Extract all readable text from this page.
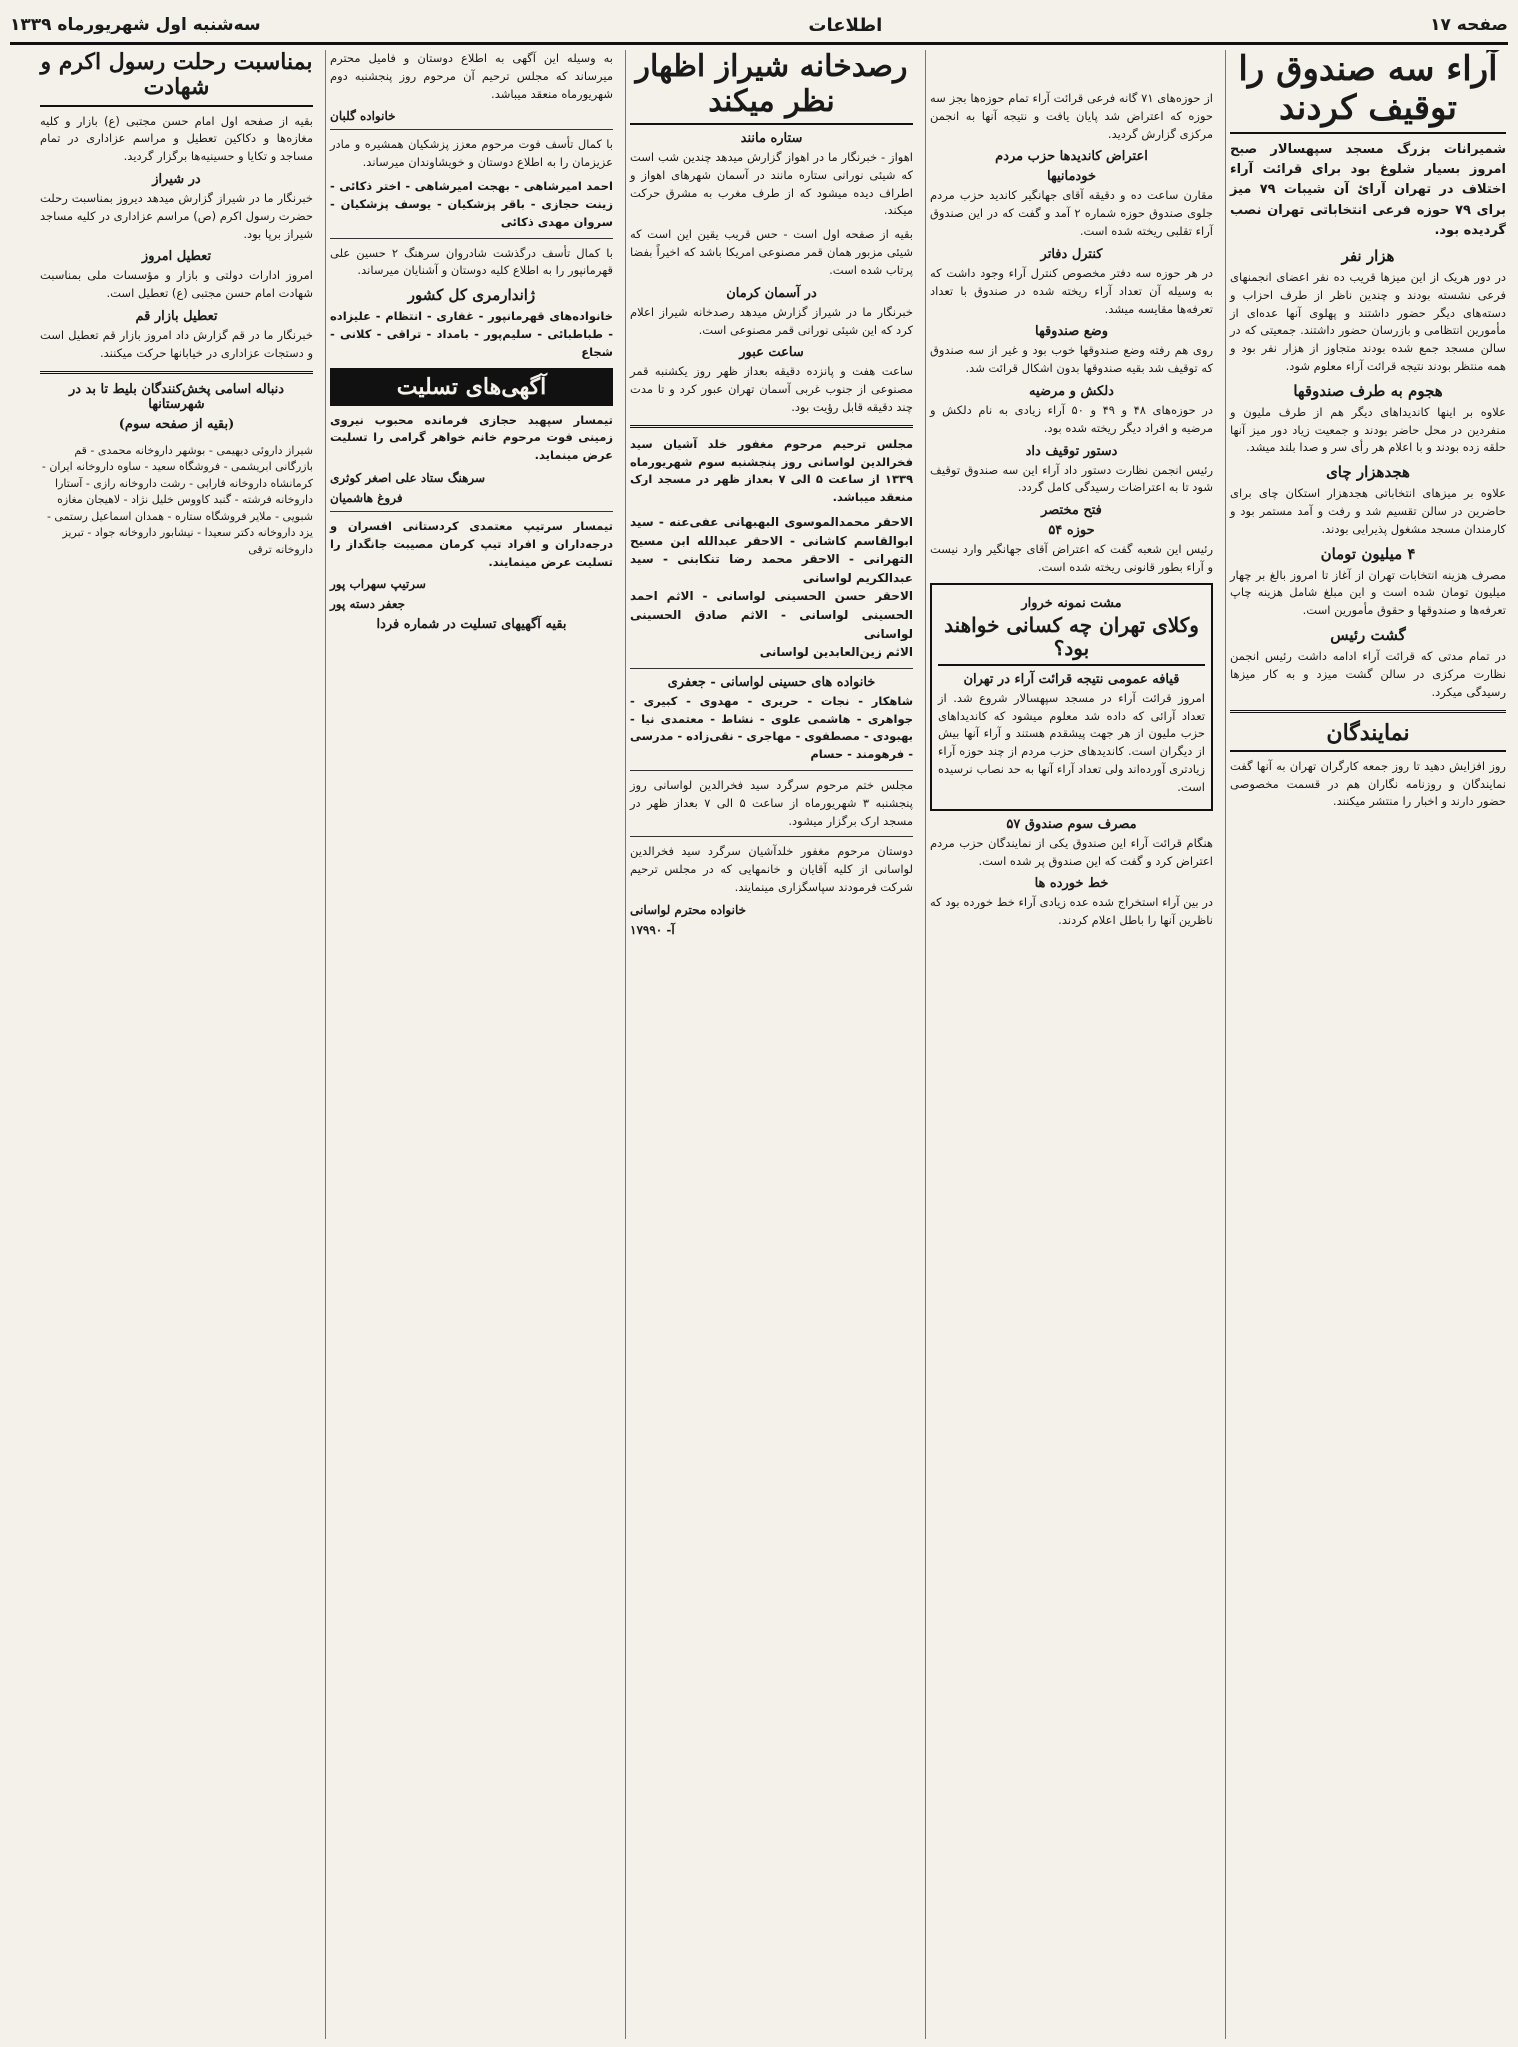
صفحه ۱۷
اطلاعات
سه‌شنبه اول شهریورماه ۱۳۳۹
آراء سه صندوق را توقیف کردند

شمیرانات بزرگ مسجد سپهسالار صبح امروز بسیار شلوغ بود برای قرائت آراء اختلاف در تهران آرائ آن شیبات ۷۹ میز برای ۷۹ حوزه فرعی انتخاباتی تهران نصب گردیده بود.

هزار نفر

در دور هریک از این میزها قریب ده نفر اعضای انجمنهای فرعی نشسته بودند و چندین ناظر از طرف احزاب و دسته‌های دیگر حضور داشتند و پهلوی آنها عده‌ای از مأمورین انتظامی و بازرسان حضور داشتند. جمعیتی که در سالن مسجد جمع شده بودند متجاوز از هزار نفر بود و همه منتظر بودند نتیجه قرائت آراء معلوم شود.

هجوم به طرف صندوقها

علاوه بر اینها کاندیداهای دیگر هم از طرف ملیون و منفردین در محل حاضر بودند و جمعیت زیاد دور میز آنها حلقه زده بودند و با اعلام هر رأی سر و صدا بلند میشد.

هجدهزار چای

علاوه بر میزهای انتخاباتی هجدهزار استکان چای برای حاضرین در سالن تقسیم شد و رفت و آمد مستمر بود و کارمندان مسجد مشغول پذیرایی بودند.

۴ میلیون تومان

مصرف هزینه انتخابات تهران از آغاز تا امروز بالغ بر چهار میلیون تومان شده است و این مبلغ شامل هزینه چاپ تعرفه‌ها و صندوقها و حقوق مأمورین است.

گشت رئیس

در تمام مدتی که قرائت آراء ادامه داشت رئیس انجمن نظارت مرکزی در سالن گشت میزد و به کار میزها رسیدگی میکرد.

نمایندگان

روز افزایش دهید تا روز جمعه کارگران تهران به آنها گفت نمایندگان و روزنامه نگاران هم در قسمت مخصوصی حضور دارند و اخبار را منتشر میکنند.

از حوزه‌های ۷۱ گانه فرعی قرائت آراء تمام حوزه‌ها بجز سه حوزه که اعتراض شد پایان یافت و نتیجه آنها به انجمن مرکزی گزارش گردید.

اعتراض کاندیدها حزب مردم
خودمانیها

مقارن ساعت ده و دقیقه آقای جهانگیر کاندید حزب مردم جلوی صندوق حوزه شماره ۲ آمد و گفت که در این صندوق آراء تقلبی ریخته شده است.

کنترل دفاتر

در هر حوزه سه دفتر مخصوص کنترل آراء وجود داشت که به وسیله آن تعداد آراء ریخته شده در صندوق با تعداد تعرفه‌ها مقایسه میشد.

وضع صندوقها

روی هم رفته وضع صندوقها خوب بود و غیر از سه صندوق که توقیف شد بقیه صندوقها بدون اشکال قرائت شد.

دلکش و مرضیه

در حوزه‌های ۴۸ و ۴۹ و ۵۰ آراء زیادی به نام دلکش و مرضیه و افراد دیگر ریخته شده بود.

دستور توقیف داد

رئیس انجمن نظارت دستور داد آراء این سه صندوق توقیف شود تا به اعتراضات رسیدگی کامل گردد.

فتح مختصر
حوزه ۵۴

رئیس این شعبه گفت که اعتراض آقای جهانگیر وارد نیست و آراء بطور قانونی ریخته شده است.

مشت نمونه خروار
وکلای تهران چه کسانی خواهند بود؟
قیافه عمومی نتیجه قرائت آراء در تهران

امروز قرائت آراء در مسجد سپهسالار شروع شد. از تعداد آرائی که داده شد معلوم میشود که کاندیداهای حزب ملیون از هر جهت پیشقدم هستند و آراء آنها بیش از دیگران است. کاندیدهای حزب مردم از چند حوزه آراء زیادتری آورده‌اند ولی تعداد آراء آنها به حد نصاب نرسیده است.

مصرف سوم صندوق ۵۷

هنگام قرائت آراء این صندوق یکی از نمایندگان حزب مردم اعتراض کرد و گفت که این صندوق پر شده است.

خط خورده ها

در بین آراء استخراج شده عده زیادی آراء خط خورده بود که ناظرین آنها را باطل اعلام کردند.

رصدخانه شیراز اظهار نظر میکند
ستاره مانند

اهواز - خبرنگار ما در اهواز گزارش میدهد چندین شب است که شیئی نورانی ستاره مانند در آسمان شهرهای اهواز و اطراف دیده میشود که از طرف مغرب به مشرق حرکت میکند.

بقیه از صفحه اول است - حس قریب یقین این است که شیئی مزبور همان قمر مصنوعی امریکا باشد که اخیراً بفضا پرتاب شده است.

در آسمان کرمان

خبرنگار ما در شیراز گزارش میدهد رصدخانه شیراز اعلام کرد که این شیئی نورانی قمر مصنوعی است.

ساعت عبور

ساعت هفت و پانزده دقیقه بعداز ظهر روز یکشنبه قمر مصنوعی از جنوب غربی آسمان تهران عبور کرد و تا مدت چند دقیقه قابل رؤیت بود.

مجلس ترحیم مرحوم مغفور خلد آشیان سید فخرالدین لواسانی روز پنجشنبه سوم شهریورماه ۱۳۳۹ از ساعت ۵ الی ۷ بعداز ظهر در مسجد ارک منعقد میباشد.

الاحقر محمدالموسوی البهبهانی عفی‌عنه - سید ابوالقاسم کاشانی - الاحقر عبدالله ابن مسیح التهرانی - الاحقر محمد رضا تنکابنی - سید عبدالکریم لواسانی
الاحقر حسن الحسینی لواسانی - الاثم احمد الحسینی لواسانی - الاثم صادق الحسینی لواسانی
الاثم زین‌العابدین لواسانی
خانواده های حسینی لواسانی - جعفری

شاهکار - نجات - حریری - مهدوی - کبیری - جواهری - هاشمی علوی - نشاط - معتمدی نیا - بهبودی - مصطفوی - مهاجری - نقی‌زاده - مدرسی - فرهومند - حسام

مجلس ختم مرحوم سرگرد سید فخرالدین لواسانی روز پنجشنبه ۳ شهریورماه از ساعت ۵ الی ۷ بعداز ظهر در مسجد ارک برگزار میشود.

دوستان مرحوم مغفور خلدآشیان سرگرد سید فخرالدین لواسانی از کلیه آقایان و خانمهایی که در مجلس ترحیم شرکت فرمودند سپاسگزاری مینمایند.

خانواده محترم لواسانی
آ- ۱۷۹۹۰

به وسیله این آگهی به اطلاع دوستان و فامیل محترم میرساند که مجلس ترحیم آن مرحوم روز پنجشنبه دوم شهریورماه منعقد میباشد.

خانواده گلبان

با کمال تأسف فوت مرحوم معزز پزشکیان همشیره و مادر عزیزمان را به اطلاع دوستان و خویشاوندان میرساند.

احمد امیرشاهی - بهجت امیرشاهی - اختر ذکائی - زینت حجازی - باقر پزشکیان - یوسف پزشکیان - سروان مهدی ذکائی

با کمال تأسف درگذشت شادروان سرهنگ ۲ حسین علی قهرمانپور را به اطلاع کلیه دوستان و آشنایان میرساند.

ژاندارمری کل کشور

خانواده‌های قهرمانپور - غفاری - انتظام - علیزاده - طباطبائی - سلیم‌پور - بامداد - تراقی - کلانی - شجاع

آگهی‌های تسلیت

تیمسار سپهبد حجازی فرمانده محبوب نیروی زمینی فوت مرحوم خانم خواهر گرامی را تسلیت عرض مینماید.

سرهنگ ستاد علی اصغر کوثری
فروغ هاشمیان

تیمسار سرتیپ معتمدی کردستانی افسران و درجه‌داران و افراد تیپ کرمان مصیبت جانگداز را تسلیت عرض مینمایند.

سرتیپ سهراب پور
جعفر دسته پور
بقیه آگهیهای تسلیت در شماره فردا
بمناسبت رحلت رسول اکرم و شهادت

بقیه از صفحه اول امام حسن مجتبی (ع) بازار و کلیه مغازه‌ها و دکاکین تعطیل و مراسم عزاداری در تمام مساجد و تکایا و حسینیه‌ها برگزار گردید.

در شیراز

خبرنگار ما در شیراز گزارش میدهد دیروز بمناسبت رحلت حضرت رسول اکرم (ص) مراسم عزاداری در کلیه مساجد شیراز برپا بود.

تعطیل امروز

امروز ادارات دولتی و بازار و مؤسسات ملی بمناسبت شهادت امام حسن مجتبی (ع) تعطیل است.

تعطیل بازار قم

خبرنگار ما در قم گزارش داد امروز بازار قم تعطیل است و دستجات عزاداری در خیابانها حرکت میکنند.

دنباله اسامی پخش‌کنندگان بلیط تا بد در شهرستانها
(بقیه از صفحه سوم)

شیراز داروئی دیهیمی - بوشهر داروخانه محمدی - قم بازرگانی ابریشمی - فروشگاه سعید - ساوه داروخانه ایران - کرمانشاه داروخانه فارابی - رشت داروخانه رازی - آستارا داروخانه فرشته - گنبد کاووس خلیل نژاد - لاهیجان مغازه شبویی - ملایر فروشگاه ستاره - همدان اسماعیل رستمی - یزد داروخانه دکتر سعیدا - نیشابور داروخانه جواد - تبریز داروخانه ترقی
